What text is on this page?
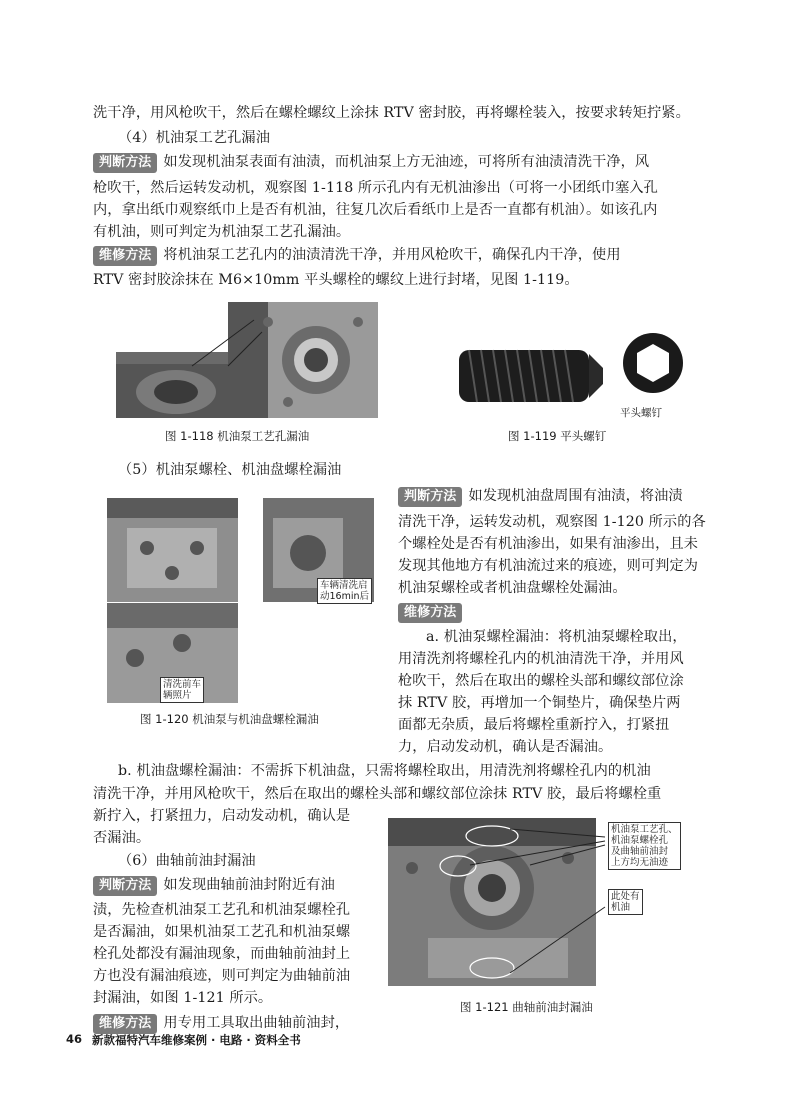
洗干净，用风枪吹干，然后在螺栓螺纹上涂抹 RTV 密封胶，再将螺栓装入，按要求转矩拧紧。
（4）机油泵工艺孔漏油
判断方法 如发现机油泵表面有油渍，而机油泵上方无油迹，可将所有油渍清洗干净，风
枪吹干，然后运转发动机，观察图 1-118 所示孔内有无机油渗出（可将一小团纸巾塞入孔
内，拿出纸巾观察纸巾上是否有机油，往复几次后看纸巾上是否一直都有机油）。如该孔内
有机油，则可判定为机油泵工艺孔漏油。
维修方法 将机油泵工艺孔内的油渍清洗干净，并用风枪吹干，确保孔内干净，使用
RTV 密封胶涂抹在 M6×10mm 平头螺栓的螺纹上进行封堵，见图 1-119。
图 1-118 机油泵工艺孔漏油
平头螺钉
图 1-119 平头螺钉
（5）机油泵螺栓、机油盘螺栓漏油
车辆清洗启
动16min后
清洗前车
辆照片
图 1-120 机油泵与机油盘螺栓漏油
判断方法 如发现机油盘周围有油渍，将油渍
清洗干净，运转发动机，观察图 1-120 所示的各
个螺栓处是否有机油渗出，如果有油渗出，且未
发现其他地方有机油流过来的痕迹，则可判定为
机油泵螺栓或者机油盘螺栓处漏油。
维修方法
a. 机油泵螺栓漏油：将机油泵螺栓取出，
用清洗剂将螺栓孔内的机油清洗干净，并用风
枪吹干，然后在取出的螺栓头部和螺纹部位涂
抹 RTV 胶，再增加一个铜垫片，确保垫片两
面都无杂质，最后将螺栓重新拧入，打紧扭
力，启动发动机，确认是否漏油。
b. 机油盘螺栓漏油：不需拆下机油盘，只需将螺栓取出，用清洗剂将螺栓孔内的机油
清洗干净，并用风枪吹干，然后在取出的螺栓头部和螺纹部位涂抹 RTV 胶，最后将螺栓重
新拧入，打紧扭力，启动发动机，确认是
否漏油。
（6）曲轴前油封漏油
判断方法 如发现曲轴前油封附近有油
渍，先检查机油泵工艺孔和机油泵螺栓孔
是否漏油，如果机油泵工艺孔和机油泵螺
栓孔处都没有漏油现象，而曲轴前油封上
方也没有漏油痕迹，则可判定为曲轴前油
封漏油，如图 1-121 所示。
维修方法 用专用工具取出曲轴前油封，
机油泵工艺孔、
机油泵螺栓孔
及曲轴前油封
上方均无油迹
此处有
机油
图 1-121 曲轴前油封漏油
46 新款福特汽车维修案例 · 电路 · 资料全书
